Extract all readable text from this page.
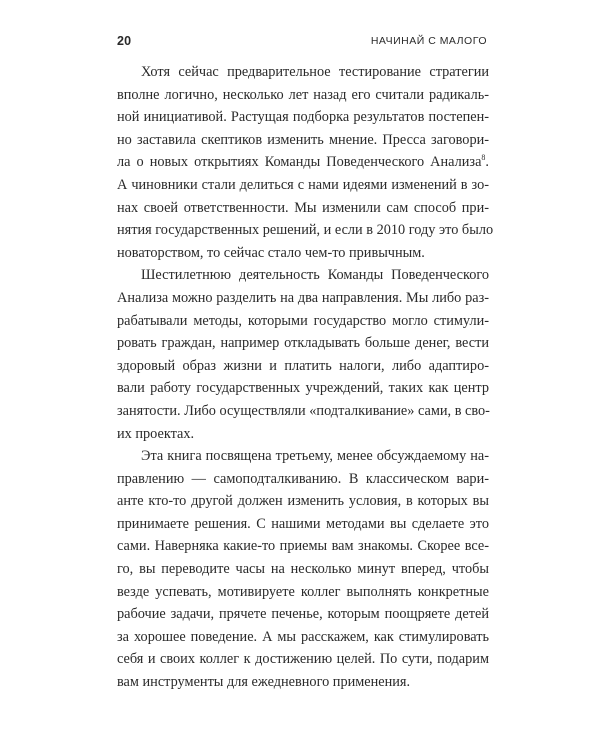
20	НАЧИНАЙ С МАЛОГО

Хотя сейчас предварительное тестирование стратегии
вполне логично, несколько лет назад его считали радикаль-
ной инициативой. Растущая подборка результатов постепен-
но заставила скептиков изменить мнение. Пресса заговори-
ла о новых открытиях Команды Поведенческого Анализа$^8$.
А чиновники стали делиться с нами идеями изменений в зо-
нах своей ответственности. Мы изменили сам способ при-
нятия государственных решений, и если в 2010 году это было
новаторством, то сейчас стало чем-то привычным.

Шестилетнюю деятельность Команды Поведенческого
Анализа можно разделить на два направления. Мы либо раз-
рабатывали методы, которыми государство могло стимули-
ровать граждан, например откладывать больше денег, вести
здоровый образ жизни и платить налоги, либо адаптиро-
вали работу государственных учреждений, таких как центр
занятости. Либо осуществляли «подталкивание» сами, в сво-
их проектах.

Эта книга посвящена третьему, менее обсуждаемому на-
правлению — самоподталкиванию. В классическом вари-
анте кто-то другой должен изменить условия, в которых вы
принимаете решения. С нашими методами вы сделаете это
сами. Наверняка какие-то приемы вам знакомы. Скорее все-
го, вы переводите часы на несколько минут вперед, чтобы
везде успевать, мотивируете коллег выполнять конкретные
рабочие задачи, прячете печенье, которым поощряете детей
за хорошее поведение. А мы расскажем, как стимулировать
себя и своих коллег к достижению целей. По сути, подарим
вам инструменты для ежедневного применения.
